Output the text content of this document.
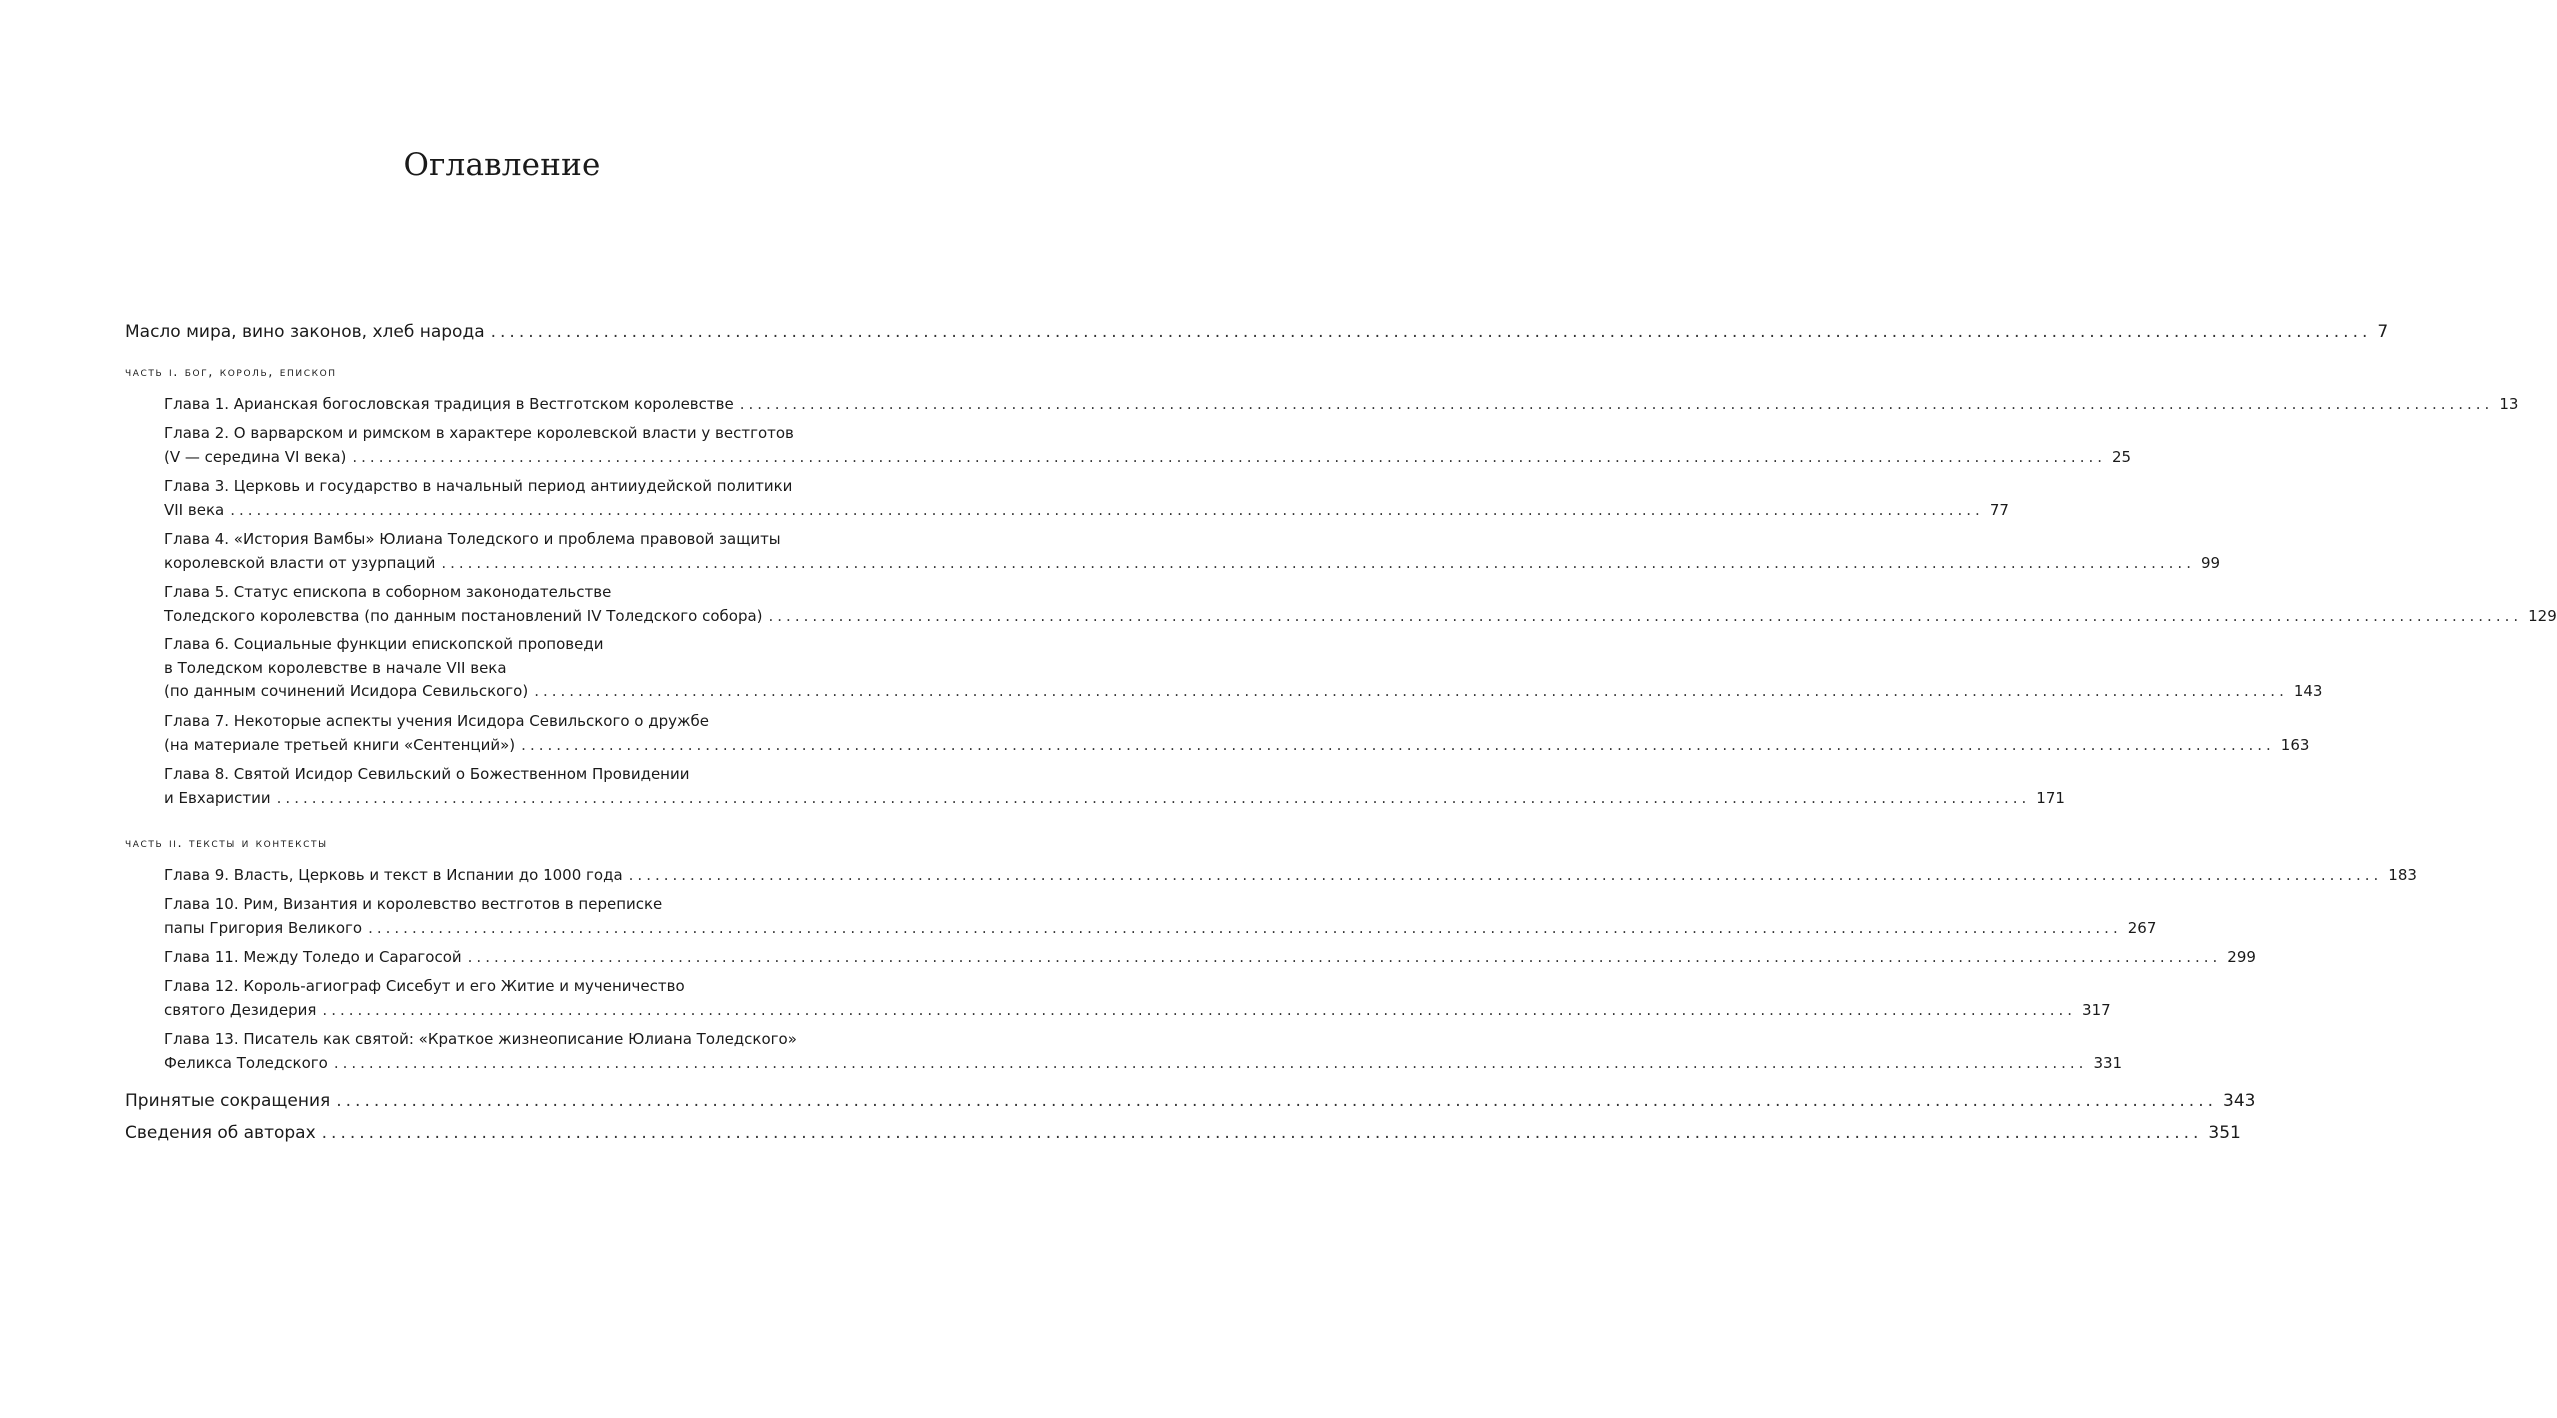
Оглавление
Масло мира, вино законов, хлеб народа ........................................................................................................................................................................................................ 7
часть i. бог, король, епископ
Глава 1. Арианская богословская традиция в Вестготском королевстве ........................................................................................................................................................................................................ 13
Глава 2. О варварском и римском в характере королевской власти у вестготов
(V — середина VI века) ........................................................................................................................................................................................................ 25
Глава 3. Церковь и государство в начальный период антииудейской политики
VII века ........................................................................................................................................................................................................ 77
Глава 4. «История Вамбы» Юлиана Толедского и проблема правовой защиты
королевской власти от узурпаций ........................................................................................................................................................................................................ 99
Глава 5. Статус епископа в соборном законодательстве
Толедского королевства (по данным постановлений IV Толедского собора) ........................................................................................................................................................................................................ 129
Глава 6. Социальные функции епископской проповеди
в Толедском королевстве в начале VII века
(по данным сочинений Исидора Севильского) ........................................................................................................................................................................................................ 143
Глава 7. Некоторые аспекты учения Исидора Севильского о дружбе
(на материале третьей книги «Сентенций») ........................................................................................................................................................................................................ 163
Глава 8. Святой Исидор Севильский о Божественном Провидении
и Евхаристии ........................................................................................................................................................................................................ 171
часть ii. тексты и контексты
Глава 9. Власть, Церковь и текст в Испании до 1000 года ........................................................................................................................................................................................................ 183
Глава 10. Рим, Византия и королевство вестготов в переписке
папы Григория Великого ........................................................................................................................................................................................................ 267
Глава 11. Между Толедо и Сарагосой ........................................................................................................................................................................................................ 299
Глава 12. Король-агиограф Сисебут и его Житие и мученичество
святого Дезидерия ........................................................................................................................................................................................................ 317
Глава 13. Писатель как святой: «Краткое жизнеописание Юлиана Толедского»
Феликса Толедского ........................................................................................................................................................................................................ 331
Принятые сокращения ........................................................................................................................................................................................................ 343
Сведения об авторах ........................................................................................................................................................................................................ 351
